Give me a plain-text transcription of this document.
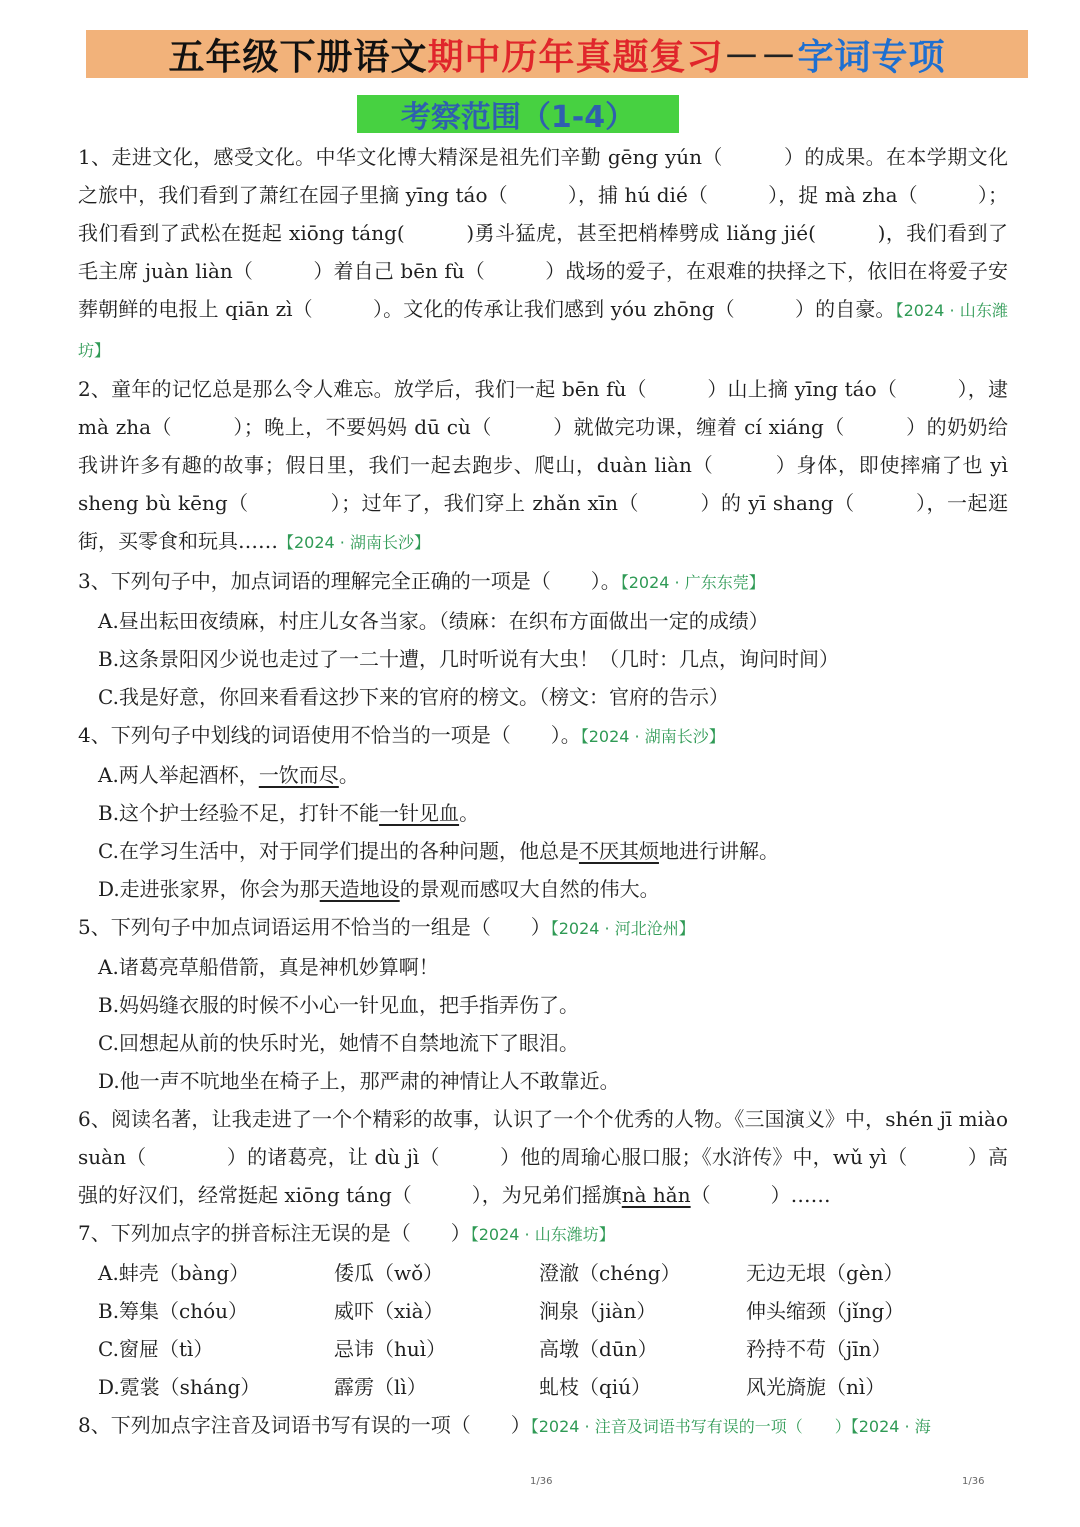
五年级下册语文 期中历年真题复习 －－ 字词专项
考察范围（1-4）

1、走进文化，感受文化。中华文化博大精深是祖先们辛勤 gēng yún（　　　）的成果。在本学期文化之旅中，我们看到了萧红在园子里摘 yīng táo（　　　），捕 hú dié（　　　），捉 mà zha（　　　）；我们看到了武松在挺起 xiōng táng(　　　)勇斗猛虎，甚至把梢棒劈成 liǎng jié(　　　)，我们看到了毛主席 juàn liàn（　　　）着自己 bēn fù（　　　）战场的爱子，在艰难的抉择之下，依旧在将爱子安葬朝鲜的电报上 qiān zì（　　　）。文化的传承让我们感到 yóu zhōng（　　　）的自豪。【2024 · 山东潍坊】

2、童年的记忆总是那么令人难忘。放学后，我们一起 bēn fù（　　　）山上摘 yīng táo（　　　），逮 mà zha（　　　）；晚上，不要妈妈 dū cù（　　　）就做完功课，缠着 cí xiáng（　　　）的奶奶给我讲许多有趣的故事；假日里，我们一起去跑步、爬山，duàn liàn（　　　）身体，即使摔痛了也 yì sheng bù kēng（　　　　）；过年了，我们穿上 zhǎn xīn（　　　）的 yī shang（　　　），一起逛街，买零食和玩具……【2024 · 湖南长沙】

3、下列句子中，加点词语的理解完全正确的一项是（　　）。【2024 · 广东东莞】

A.昼出耘田夜绩麻，村庄儿女各当家。（绩麻：在织布方面做出一定的成绩）
B.这条景阳冈少说也走过了一二十遭，几时听说有大虫！（几时：几点，询问时间）
C.我是好意，你回来看看这抄下来的官府的榜文。（榜文：官府的告示）

4、下列句子中划线的词语使用不恰当的一项是（　　）。【2024 · 湖南长沙】

A.两人举起酒杯，一饮而尽。
B.这个护士经验不足，打针不能一针见血。
C.在学习生活中，对于同学们提出的各种问题，他总是不厌其烦地进行讲解。
D.走进张家界，你会为那天造地设的景观而感叹大自然的伟大。

5、下列句子中加点词语运用不恰当的一组是（　　）【2024 · 河北沧州】

A.诸葛亮草船借箭，真是神机妙算啊！
B.妈妈缝衣服的时候不小心一针见血，把手指弄伤了。
C.回想起从前的快乐时光，她情不自禁地流下了眼泪。
D.他一声不吭地坐在椅子上，那严肃的神情让人不敢靠近。

6、阅读名著，让我走进了一个个精彩的故事，认识了一个个优秀的人物。《三国演义》中，shén jī miào suàn（　　　　）的诸葛亮，让 dù jì（　　　）他的周瑜心服口服；《水浒传》中，wǔ yì（　　　）高强的好汉们，经常挺起 xiōng táng（　　　），为兄弟们摇旗nà hǎn（　　　）……

7、下列加点字的拼音标注无误的是（　　）【2024 · 山东潍坊】

A.蚌壳（bàng）	倭瓜（wǒ）	澄澈（chéng）	无边无垠（gèn）
B.筹集（chóu）	威吓（xià）	涧泉（jiàn）	伸头缩颈（jǐng）
C.窗屉（tì）	忌讳（huì）	高墩（dūn）	矜持不苟（jīn）
D.霓裳（sháng）	霹雳（lì）	虬枝（qiú）	风光旖旎（nì）
8、下列加点字注音及词语书写有误的一项（　　）【2024 · 注音及词语书写有误的一项（　　）【2024 · 海
1/36	1/36
